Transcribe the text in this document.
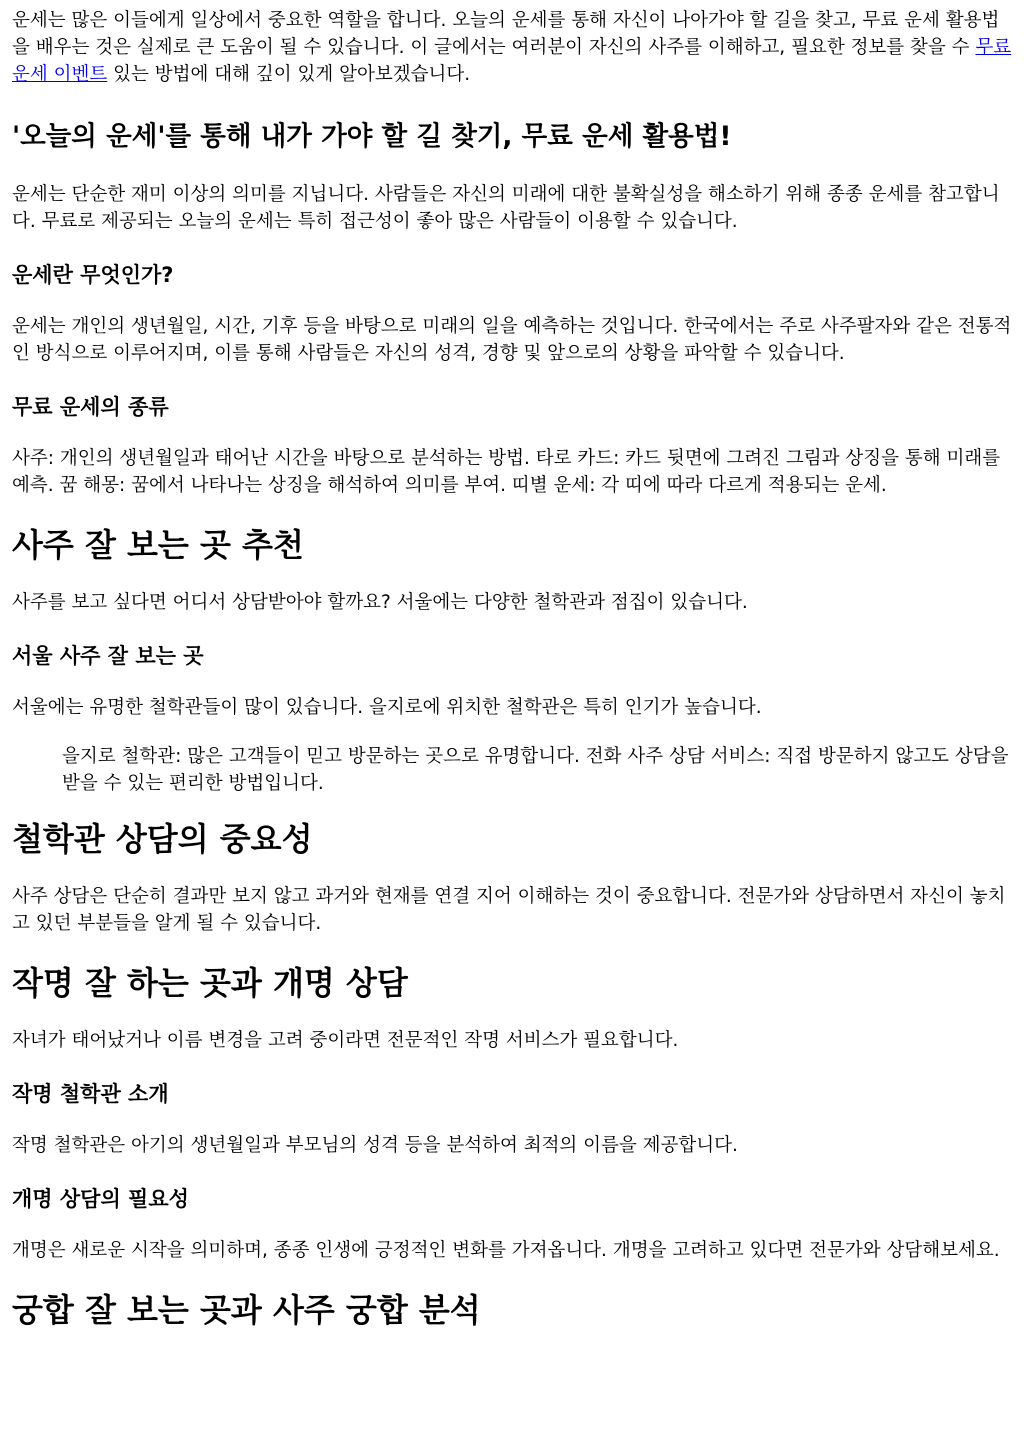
운세는 많은 이들에게 일상에서 중요한 역할을 합니다. 오늘의 운세를 통해 자신이 나아가야 할 길을 찾고, 무료 운세 활용법을 배우는 것은 실제로 큰 도움이 될 수 있습니다. 이 글에서는 여러분이 자신의 사주를 이해하고, 필요한 정보를 찾을 수 무료 운세 이벤트 있는 방법에 대해 깊이 있게 알아보겠습니다.

'오늘의 운세'를 통해 내가 가야 할 길 찾기, 무료 운세 활용법!

운세는 단순한 재미 이상의 의미를 지닙니다. 사람들은 자신의 미래에 대한 불확실성을 해소하기 위해 종종 운세를 참고합니다. 무료로 제공되는 오늘의 운세는 특히 접근성이 좋아 많은 사람들이 이용할 수 있습니다.

운세란 무엇인가?

운세는 개인의 생년월일, 시간, 기후 등을 바탕으로 미래의 일을 예측하는 것입니다. 한국에서는 주로 사주팔자와 같은 전통적인 방식으로 이루어지며, 이를 통해 사람들은 자신의 성격, 경향 및 앞으로의 상황을 파악할 수 있습니다.

무료 운세의 종류

사주: 개인의 생년월일과 태어난 시간을 바탕으로 분석하는 방법. 타로 카드: 카드 뒷면에 그려진 그림과 상징을 통해 미래를 예측. 꿈 해몽: 꿈에서 나타나는 상징을 해석하여 의미를 부여. 띠별 운세: 각 띠에 따라 다르게 적용되는 운세.

사주 잘 보는 곳 추천

사주를 보고 싶다면 어디서 상담받아야 할까요? 서울에는 다양한 철학관과 점집이 있습니다.

서울 사주 잘 보는 곳

서울에는 유명한 철학관들이 많이 있습니다. 을지로에 위치한 철학관은 특히 인기가 높습니다.

을지로 철학관: 많은 고객들이 믿고 방문하는 곳으로 유명합니다. 전화 사주 상담 서비스: 직접 방문하지 않고도 상담을 받을 수 있는 편리한 방법입니다.
철학관 상담의 중요성

사주 상담은 단순히 결과만 보지 않고 과거와 현재를 연결 지어 이해하는 것이 중요합니다. 전문가와 상담하면서 자신이 놓치고 있던 부분들을 알게 될 수 있습니다.

작명 잘 하는 곳과 개명 상담

자녀가 태어났거나 이름 변경을 고려 중이라면 전문적인 작명 서비스가 필요합니다.

작명 철학관 소개

작명 철학관은 아기의 생년월일과 부모님의 성격 등을 분석하여 최적의 이름을 제공합니다.

개명 상담의 필요성

개명은 새로운 시작을 의미하며, 종종 인생에 긍정적인 변화를 가져옵니다. 개명을 고려하고 있다면 전문가와 상담해보세요.

궁합 잘 보는 곳과 사주 궁합 분석
